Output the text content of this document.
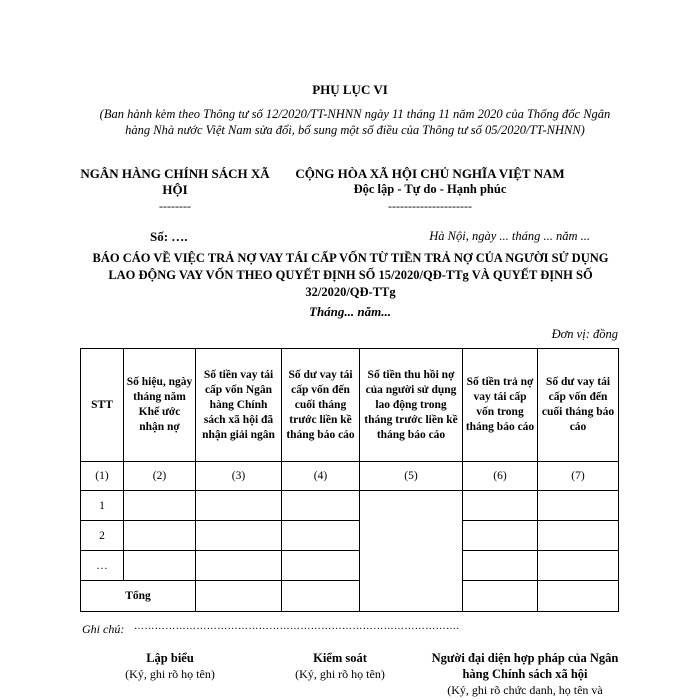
PHỤ LỤC VI
(Ban hành kèm theo Thông tư số 12/2020/TT-NHNN ngày 11 tháng 11 năm 2020 của Thống đốc Ngân hàng Nhà nước Việt Nam sửa đổi, bổ sung một số điều của Thông tư số 05/2020/TT-NHNN)
NGÂN HÀNG CHÍNH SÁCH XÃ HỘI
--------
CỘNG HÒA XÃ HỘI CHỦ NGHĨA VIỆT NAM
Độc lập - Tự do - Hạnh phúc
---------------------
Số: ….	Hà Nội, ngày ... tháng ... năm ...
BÁO CÁO VỀ VIỆC TRẢ NỢ VAY TÁI CẤP VỐN TỪ TIỀN TRẢ NỢ CỦA NGƯỜI SỬ DỤNG LAO ĐỘNG VAY VỐN THEO QUYẾT ĐỊNH SỐ 15/2020/QĐ-TTg VÀ QUYẾT ĐỊNH SỐ 32/2020/QĐ-TTg
Tháng... năm...
Đơn vị: đồng
STT	Số hiệu, ngày tháng năm Khế ước nhận nợ	Số tiền vay tái cấp vốn Ngân hàng Chính sách xã hội đã nhận giải ngân	Số dư vay tái cấp vốn đến cuối tháng trước liền kề tháng báo cáo	Số tiền thu hồi nợ của người sử dụng lao động trong tháng trước liền kề tháng báo cáo	Số tiền trả nợ vay tái cấp vốn trong tháng báo cáo	Số dư vay tái cấp vốn đến cuối tháng báo cáo
(1)	(2)	(3)	(4)	(5)	(6)	(7)
1						
2						
…						
Tổng						
Ghi chú: ………………………………………………………………………………….
Lập biểu
(Ký, ghi rõ họ tên)
Kiểm soát
(Ký, ghi rõ họ tên)
Người đại diện hợp pháp của Ngân hàng Chính sách xã hội
(Ký, ghi rõ chức danh, họ tên và
